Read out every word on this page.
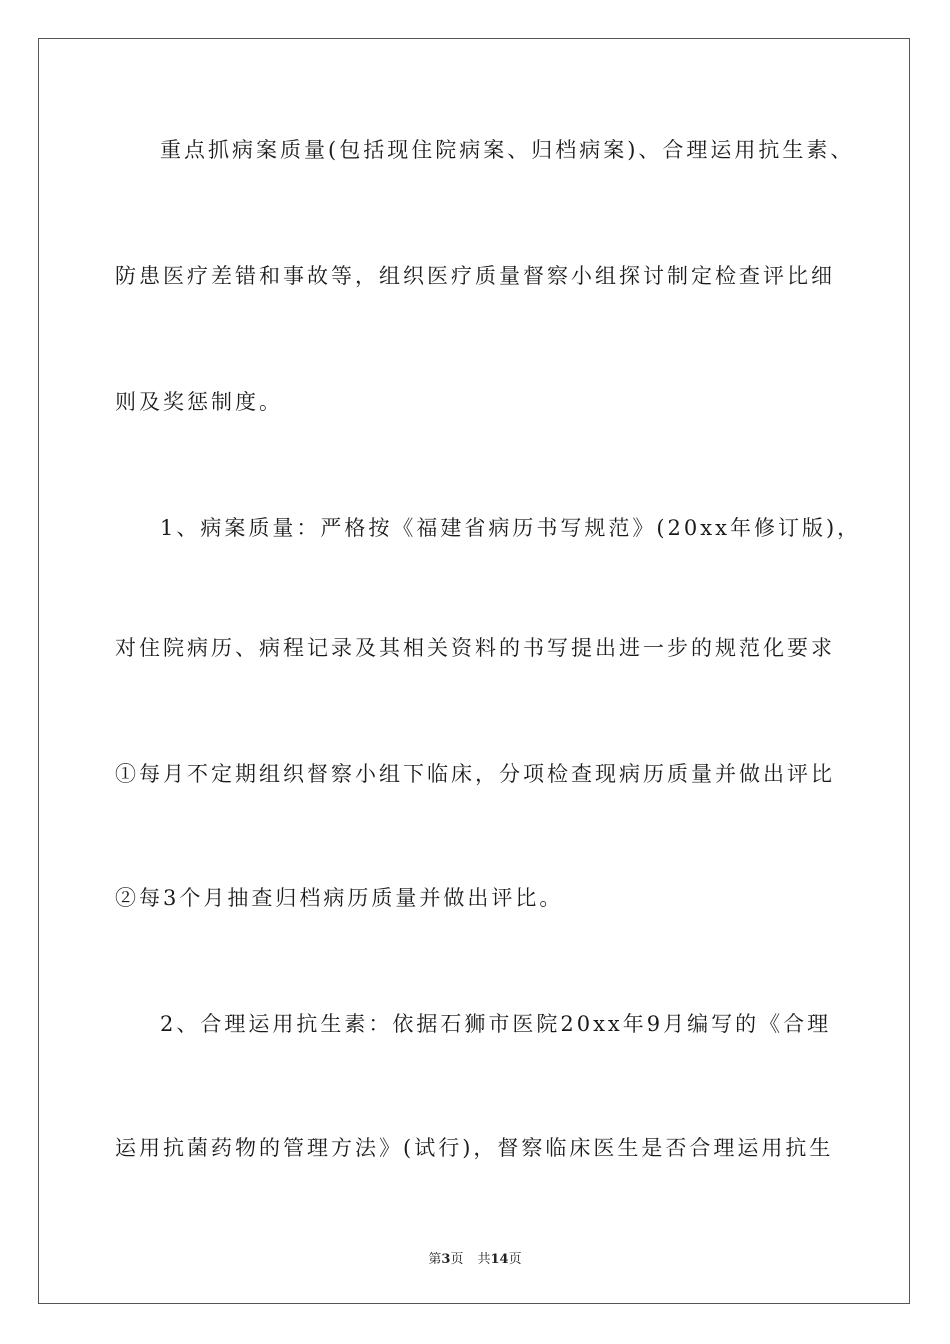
重点抓病案质量(包括现住院病案、归档病案)、合理运用抗生素、
防患医疗差错和事故等，组织医疗质量督察小组探讨制定检查评比细
则及奖惩制度。
1、病案质量：严格按《福建省病历书写规范》(20xx年修订版)，
对住院病历、病程记录及其相关资料的书写提出进一步的规范化要求
①每月不定期组织督察小组下临床，分项检查现病历质量并做出评比
②每3个月抽查归档病历质量并做出评比。
2、合理运用抗生素：依据石狮市医院20xx年9月编写的《合理
运用抗菌药物的管理方法》(试行)，督察临床医生是否合理运用抗生
第3页 共14页
